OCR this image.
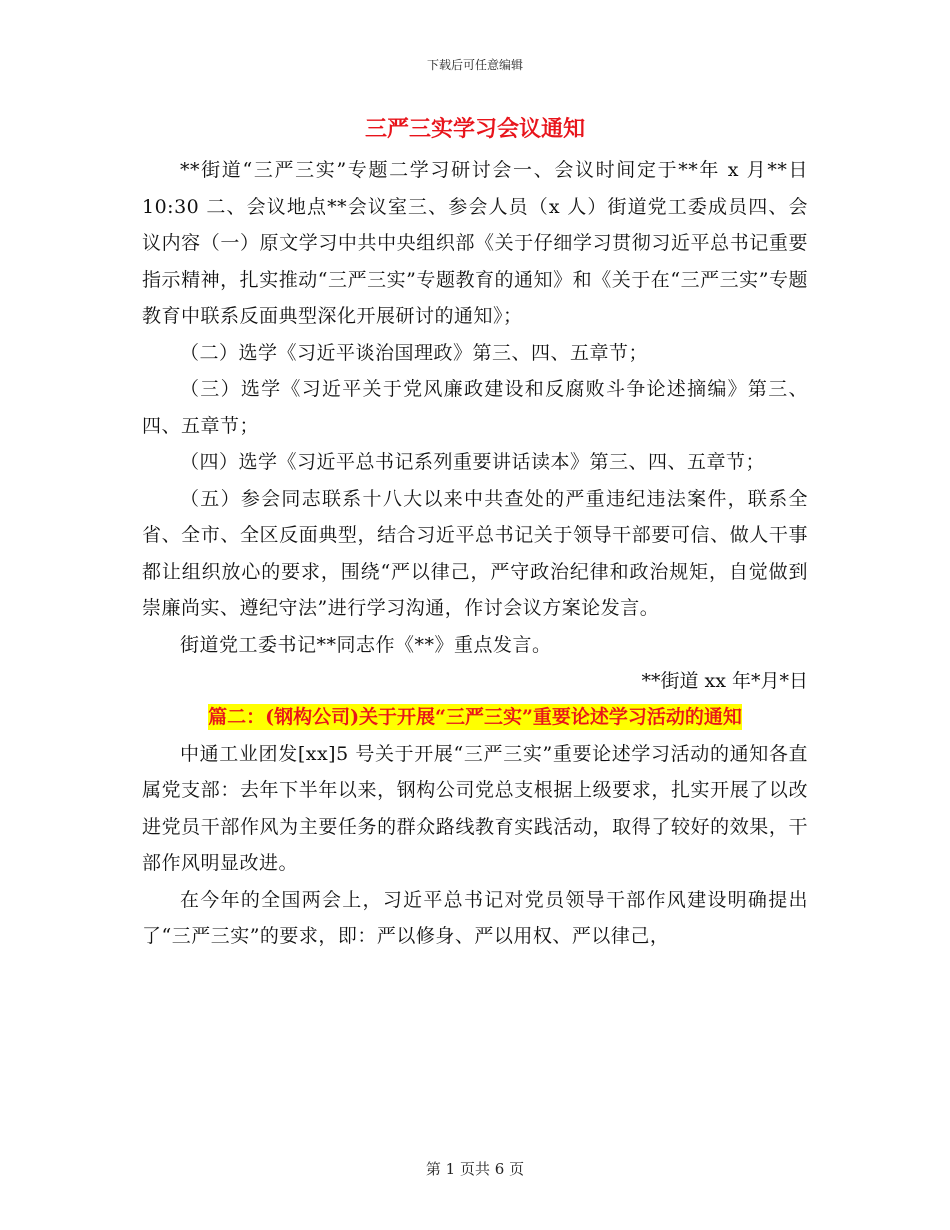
下载后可任意编辑
三严三实学习会议通知

**街道“三严三实”专题二学习研讨会一、会议时间定于**年 x 月**日 10:30 二、会议地点**会议室三、参会人员（x 人）街道党工委成员四、会议内容（一）原文学习中共中央组织部《关于仔细学习贯彻习近平总书记重要指示精神，扎实推动“三严三实”专题教育的通知》和《关于在“三严三实”专题教育中联系反面典型深化开展研讨的通知》；

（二）选学《习近平谈治国理政》第三、四、五章节；

（三）选学《习近平关于党风廉政建设和反腐败斗争论述摘编》第三、四、五章节；

（四）选学《习近平总书记系列重要讲话读本》第三、四、五章节；

（五）参会同志联系十八大以来中共查处的严重违纪违法案件，联系全省、全市、全区反面典型，结合习近平总书记关于领导干部要可信、做人干事都让组织放心的要求，围绕“严以律己，严守政治纪律和政治规矩，自觉做到崇廉尚实、遵纪守法”进行学习沟通，作讨会议方案论发言。

街道党工委书记**同志作《**》重点发言。

**街道 xx 年*月*日

篇二：(钢构公司)关于开展“三严三实”重要论述学习活动的通知

中通工业团发[xx]5 号关于开展“三严三实”重要论述学习活动的通知各直属党支部：去年下半年以来，钢构公司党总支根据上级要求，扎实开展了以改进党员干部作风为主要任务的群众路线教育实践活动，取得了较好的效果，干部作风明显改进。

在今年的全国两会上，习近平总书记对党员领导干部作风建设明确提出了“三严三实”的要求，即：严以修身、严以用权、严以律己，

第 1 页共 6 页
